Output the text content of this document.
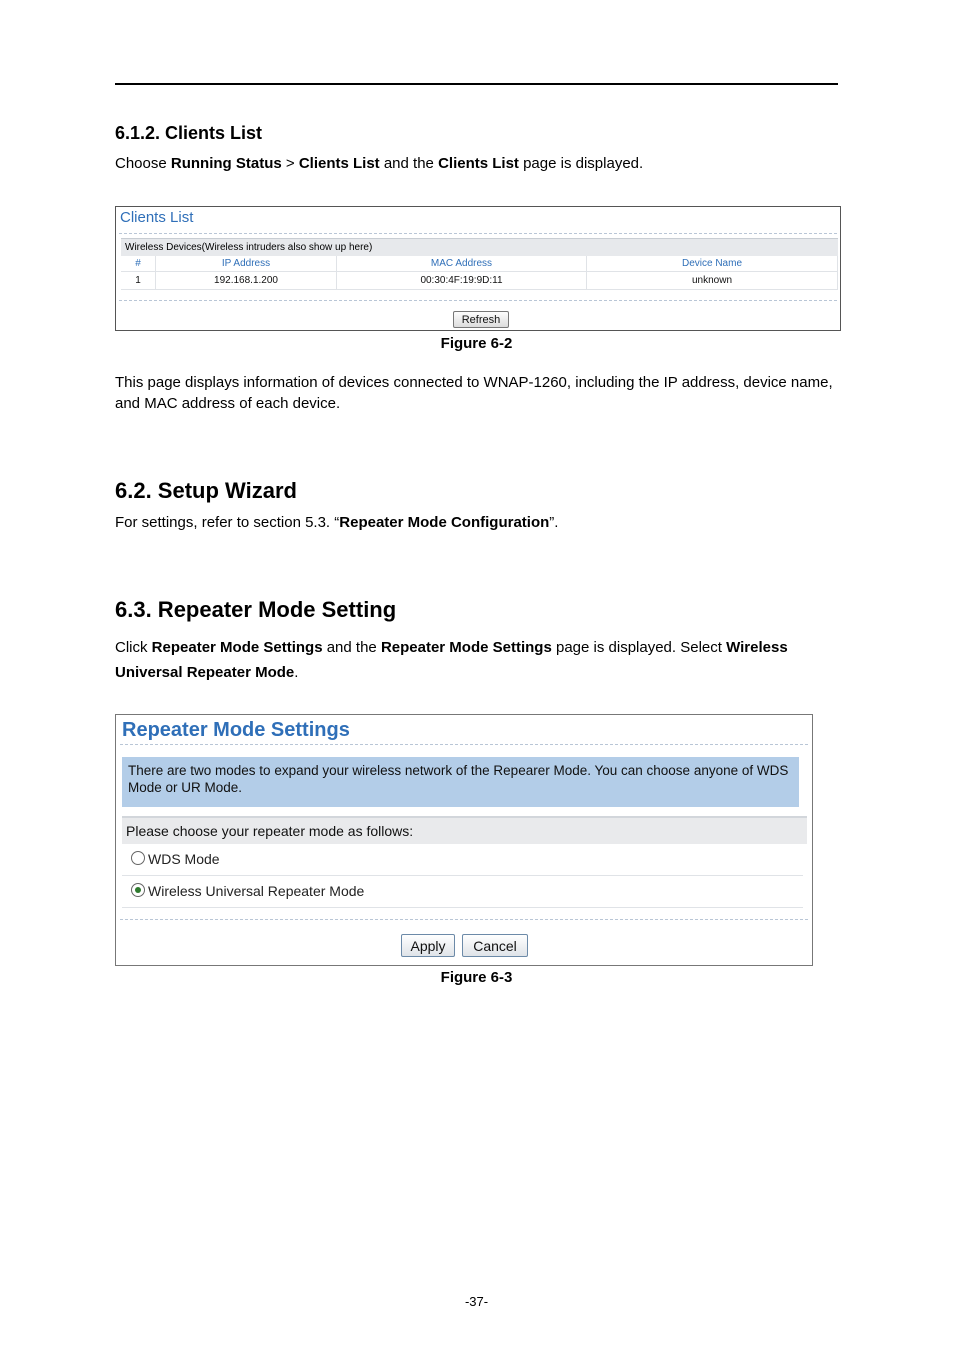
6.1.2. Clients List

Choose Running Status > Clients List and the Clients List page is displayed.

Clients List
Wireless Devices(Wireless intruders also show up here)			
#	IP Address	MAC Address	Device Name
1	192.168.1.200	00:30:4F:19:9D:11	unknown
Refresh
Figure 6-2

This page displays information of devices connected to WNAP-1260, including the IP address, device name, and MAC address of each device.

6.2. Setup Wizard

For settings, refer to section 5.3. “Repeater Mode Configuration”.

6.3. Repeater Mode Setting

Click Repeater Mode Settings and the Repeater Mode Settings page is displayed. Select Wireless Universal Repeater Mode.

Repeater Mode Settings
There are two modes to expand your wireless network of the Repearer Mode. You can choose anyone of WDS Mode or UR Mode.
Please choose your repeater mode as follows:
WDS Mode
Wireless Universal Repeater Mode
Apply	Cancel
Figure 6-3
-37-
